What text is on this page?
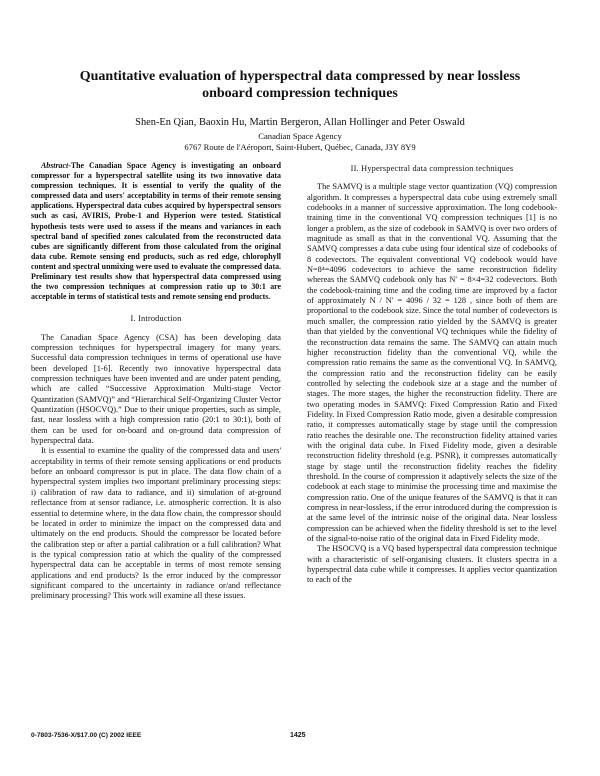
Quantitative evaluation of hyperspectral data compressed by near lossless onboard compression techniques
Shen-En Qian, Baoxin Hu, Martin Bergeron, Allan Hollinger and Peter Oswald
Canadian Space Agency
6767 Route de l'Aéroport, Saint-Hubert, Québec, Canada, J3Y 8Y9

Abstract-The Canadian Space Agency is investigating an onboard compressor for a hyperspectral satellite using its two innovative data compression techniques. It is essential to verify the quality of the compressed data and users' acceptability in terms of their remote sensing applications. Hyperspectral data cubes acquired by hyperspectral sensors such as casi, AVIRIS, Probe-1 and Hyperion were tested. Statistical hypothesis tests were used to assess if the means and variances in each spectral band of specified zones calculated from the reconstructed data cubes are significantly different from those calculated from the original data cube. Remote sensing end products, such as red edge, chlorophyll content and spectral unmixing were used to evaluate the compressed data. Preliminary test results show that hyperspectral data compressed using the two compression techniques at compression ratio up to 30:1 are acceptable in terms of statistical tests and remote sensing end products.

I. Introduction

The Canadian Space Agency (CSA) has been developing data compression techniques for hyperspectral imagery for many years. Successful data compression techniques in terms of operational use have been developed [1-6]. Recently two innovative hyperspectral data compression techniques have been invented and are under patent pending, which are called “Successive Approximation Multi-stage Vector Quantization (SAMVQ)” and “Hierarchical Self-Organizing Cluster Vector Quantization (HSOCVQ).” Due to their unique properties, such as simple, fast, near lossless with a high compression ratio (20:1 to 30:1), both of them can be used for on-board and on-ground data compression of hyperspectral data.

It is essential to examine the quality of the compressed data and users' acceptability in terms of their remote sensing applications or end products before an onboard compressor is put in place. The data flow chain of a hyperspectral system implies two important preliminary processing steps: i) calibration of raw data to radiance, and ii) simulation of at-ground reflectance from at sensor radiance, i.e. atmospheric correction. It is also essential to determine where, in the data flow chain, the compressor should be located in order to minimize the impact on the compressed data and ultimately on the end products. Should the compressor be located before the calibration step or after a partial calibration or a full calibration? What is the typical compression ratio at which the quality of the compressed hyperspectral data can be acceptable in terms of most remote sensing applications and end products? Is the error induced by the compressor significant compared to the uncertainty in radiance or/and reflectance preliminary processing? This work will examine all these issues.

II. Hyperspectral data compression techniques

The SAMVQ is a multiple stage vector quantization (VQ) compression algorithm. It compresses a hyperspectral data cube using extremely small codebooks in a manner of successive approximation. The long codebook-training time in the conventional VQ compression techniques [1] is no longer a problem, as the size of codebook in SAMVQ is over two orders of magnitude as small as that in the conventional VQ. Assuming that the SAMVQ compresses a data cube using four identical size of codebooks of 8 codevectors. The equivalent conventional VQ codebook would have N=8⁴=4096 codevectors to achieve the same reconstruction fidelity whereas the SAMVQ codebook only has N′ = 8×4=32 codevectors. Both the codebook-training time and the coding time are improved by a factor of approximately N / N′ = 4096 / 32 = 128 , since both of them are proportional to the codebook size. Since the total number of codevectors is much smaller, the compression ratio yielded by the SAMVQ is greater than that yielded by the conventional VQ techniques while the fidelity of the reconstruction data remains the same. The SAMVQ can attain much higher reconstruction fidelity than the conventional VQ, while the compression ratio remains the same as the conventional VQ. In SAMVQ, the compression ratio and the reconstruction fidelity can be easily controlled by selecting the codebook size at a stage and the number of stages. The more stages, the higher the reconstruction fidelity. There are two operating modes in SAMVQ: Fixed Compression Ratio and Fixed Fidelity. In Fixed Compression Ratio mode, given a desirable compression ratio, it compresses automatically stage by stage until the compression ratio reaches the desirable one. The reconstruction fidelity attained varies with the original data cube. In Fixed Fidelity mode, given a desirable reconstruction fidelity threshold (e.g. PSNR), it compresses automatically stage by stage until the reconstruction fidelity reaches the fidelity threshold. In the course of compression it adaptively selects the size of the codebook at each stage to minimise the processing time and maximise the compression ratio. One of the unique features of the SAMVQ is that it can compress in near-lossless, if the error introduced during the compression is at the same level of the intrinsic noise of the original data. Near lossless compression can be achieved when the fidelity threshold is set to the level of the signal-to-noise ratio of the original data in Fixed Fidelity mode.

The HSOCVQ is a VQ based hyperspectral data compression technique with a characteristic of self-organising clusters. It clusters spectra in a hyperspectral data cube while it compresses. It applies vector quantization to each of the

0-7803-7536-X/$17.00 (C) 2002 IEEE	1425
